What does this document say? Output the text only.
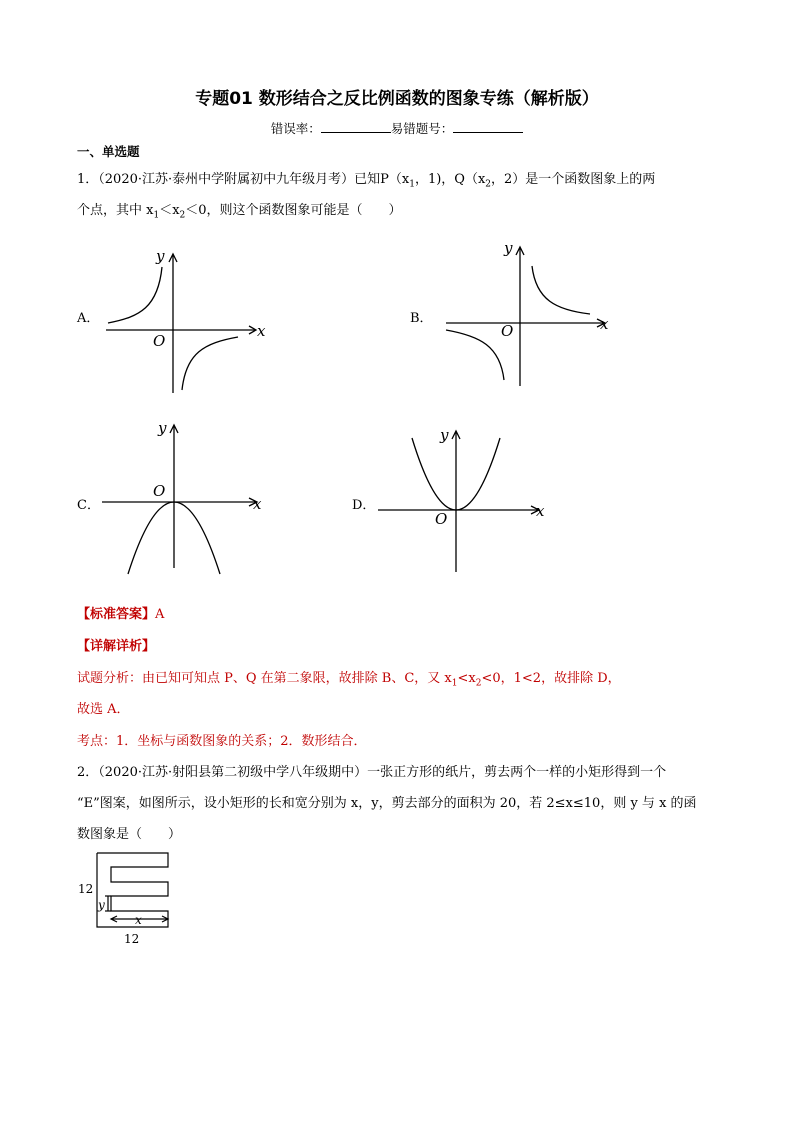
专题01 数形结合之反比例函数的图象专练（解析版）
错误率：	易错题号：
一、单选题
1．（2020·江苏·泰州中学附属初中九年级月考）已知$P(x_1$，1)，$Q(x_2$，2）是一个函数图象上的两
个点，其中 $x_1<x_2<0$，则这个函数图象可能是（　　）
A．	B．
C．	D．
x
y
O
x
y
O
x
y
O
x
y
O
【标准答案】A
【详解详析】
试题分析：由已知可知点 P、Q 在第二象限，故排除 B、C，又 $x_1<x_2<0$，1<2，故排除 D，
故选 A．
考点：1．坐标与函数图象的关系；2．数形结合．
2．（2020·江苏·射阳县第二初级中学八年级期中）一张正方形的纸片，剪去两个一样的小矩形得到一个
“E”图案，如图所示，设小矩形的长和宽分别为 x，y，剪去部分的面积为 20，若 2≤x≤10，则 y 与 x 的函
数图象是（　　）
12
12
x
y
